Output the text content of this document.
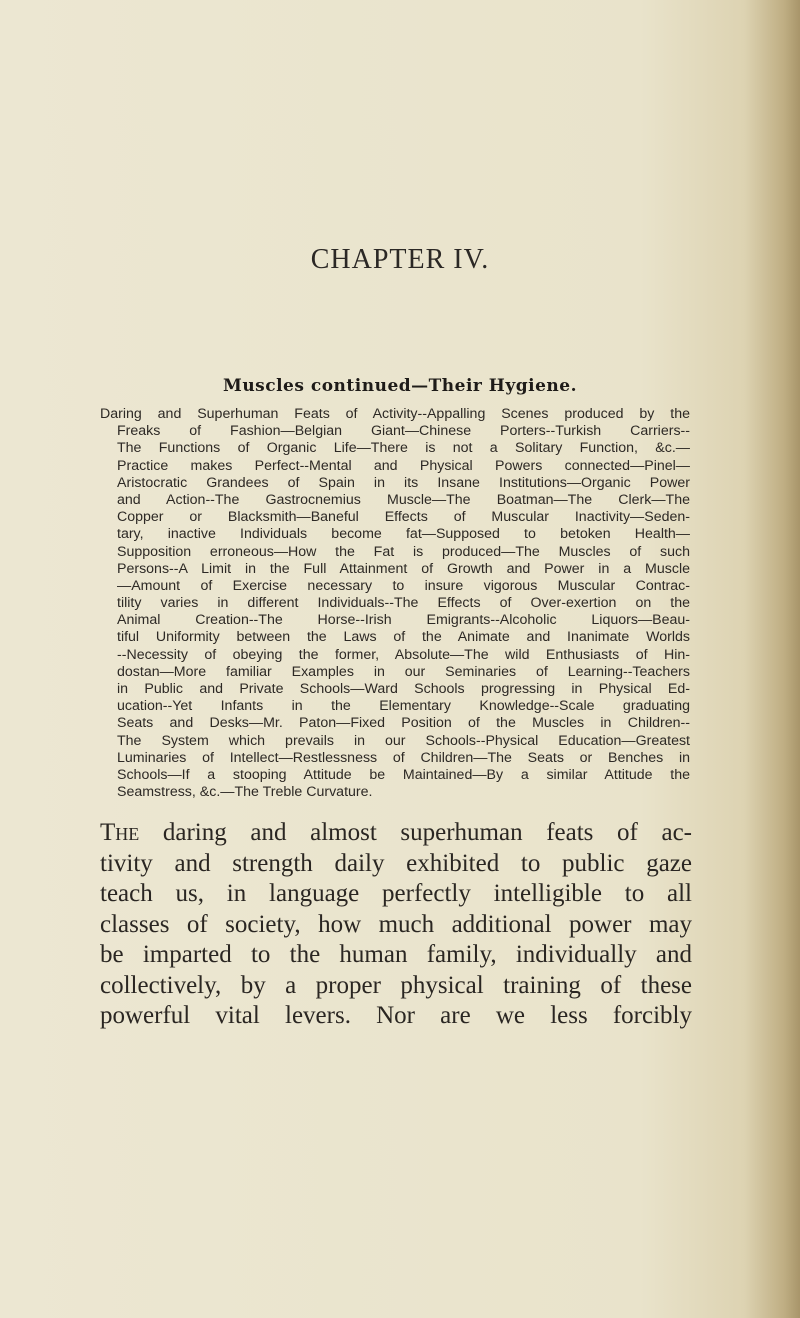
CHAPTER IV.
Muscles continued—Their Hygiene.
Daring and Superhuman Feats of Activity--Appalling Scenes produced by the
Freaks of Fashion—Belgian Giant—Chinese Porters--Turkish Carriers--
The Functions of Organic Life—There is not a Solitary Function, &c.—
Practice makes Perfect--Mental and Physical Powers connected—Pinel—
Aristocratic Grandees of Spain in its Insane Institutions—Organic Power
and Action--The Gastrocnemius Muscle—The Boatman—The Clerk—The
Copper or Blacksmith—Baneful Effects of Muscular Inactivity—Seden-
tary, inactive Individuals become fat—Supposed to betoken Health—
Supposition erroneous—How the Fat is produced—The Muscles of such
Persons--A Limit in the Full Attainment of Growth and Power in a Muscle
—Amount of Exercise necessary to insure vigorous Muscular Contrac-
tility varies in different Individuals--The Effects of Over-exertion on the
Animal Creation--The Horse--Irish Emigrants--Alcoholic Liquors—Beau-
tiful Uniformity between the Laws of the Animate and Inanimate Worlds
--Necessity of obeying the former, Absolute—The wild Enthusiasts of Hin-
dostan—More familiar Examples in our Seminaries of Learning--Teachers
in Public and Private Schools—Ward Schools progressing in Physical Ed-
ucation--Yet Infants in the Elementary Knowledge--Scale graduating
Seats and Desks—Mr. Paton—Fixed Position of the Muscles in Children--
The System which prevails in our Schools--Physical Education—Greatest
Luminaries of Intellect—Restlessness of Children—The Seats or Benches in
Schools—If a stooping Attitude be Maintained—By a similar Attitude the
Seamstress, &c.—The Treble Curvature.
The daring and almost superhuman feats of ac-
tivity and strength daily exhibited to public gaze
teach us, in language perfectly intelligible to all
classes of society, how much additional power may
be imparted to the human family, individually and
collectively, by a proper physical training of these
powerful vital levers. Nor are we less forcibly
